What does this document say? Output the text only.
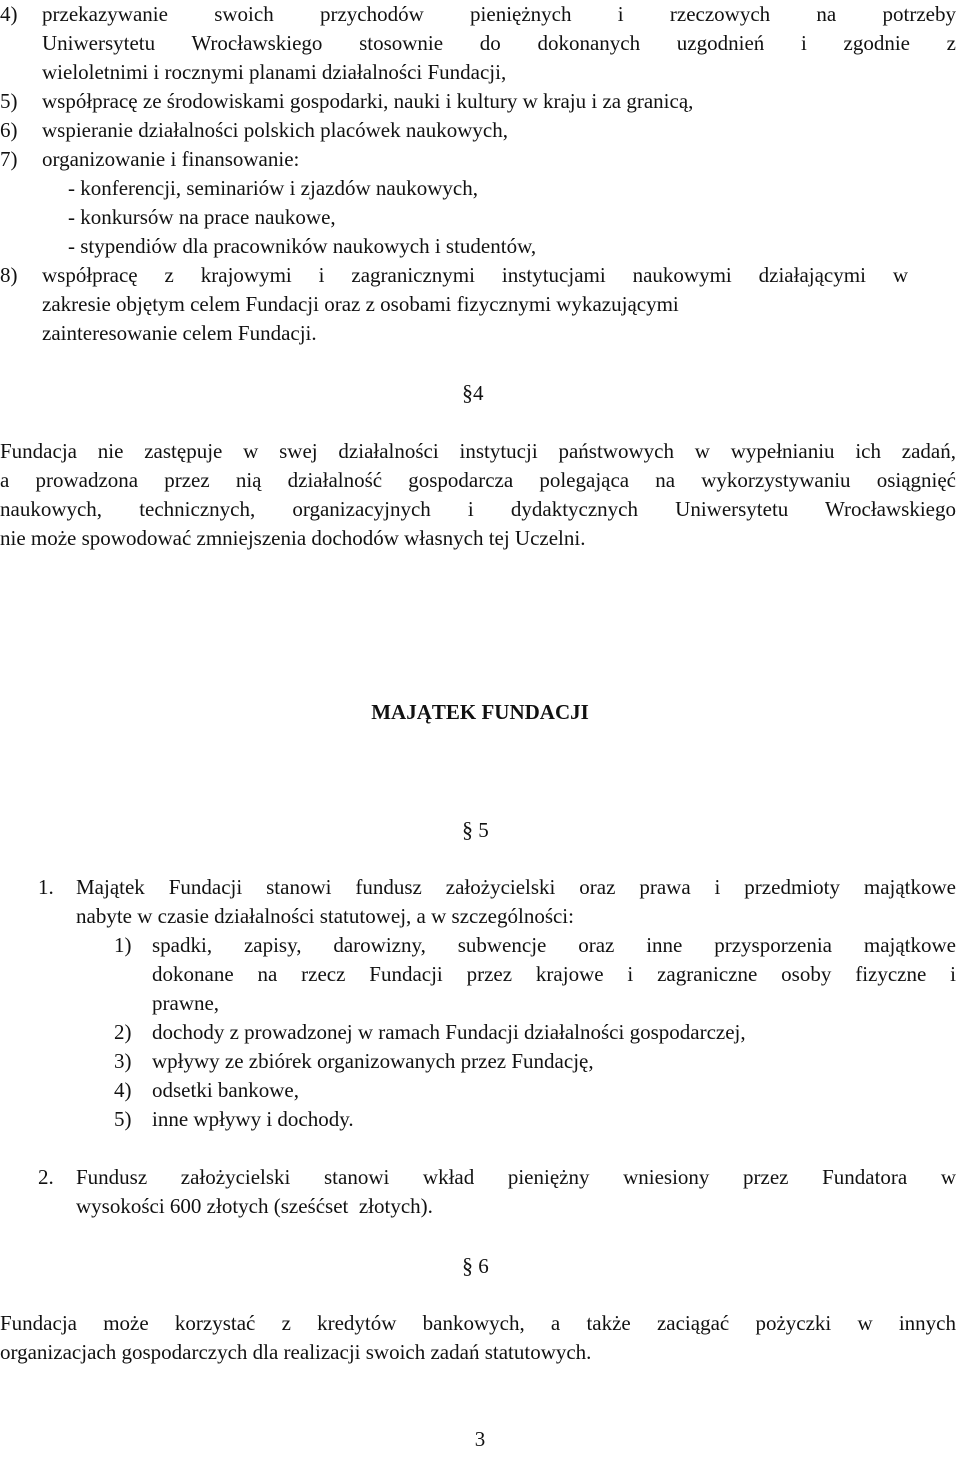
4) przekazywanie swoich przychodów pieniężnych i rzeczowych na potrzeby
Uniwersytetu Wrocławskiego stosownie do dokonanych uzgodnień i zgodnie z
wieloletnimi i rocznymi planami działalności Fundacji,
5) współpracę ze środowiskami gospodarki, nauki i kultury w kraju i za granicą,
6) wspieranie działalności polskich placówek naukowych,
7) organizowanie i finansowanie:
- konferencji, seminariów i zjazdów naukowych,
- konkursów na prace naukowe,
- stypendiów dla pracowników naukowych i studentów,
8) współpracę z krajowymi i zagranicznymi instytucjami naukowymi działającymi w
zakresie objętym celem Fundacji oraz z osobami fizycznymi wykazującymi
zainteresowanie celem Fundacji.
§4
Fundacja nie zastępuje w swej działalności instytucji państwowych w wypełnianiu ich zadań,
a prowadzona przez nią działalność gospodarcza polegająca na wykorzystywaniu osiągnięć
naukowych, technicznych, organizacyjnych i dydaktycznych Uniwersytetu Wrocławskiego
nie może spowodować zmniejszenia dochodów własnych tej Uczelni.
MAJĄTEK FUNDACJI
§ 5
1. Majątek Fundacji stanowi fundusz założycielski oraz prawa i przedmioty majątkowe
nabyte w czasie działalności statutowej, a w szczególności:
1) spadki, zapisy, darowizny, subwencje oraz inne przysporzenia majątkowe
dokonane na rzecz Fundacji przez krajowe i zagraniczne osoby fizyczne i
prawne,
2) dochody z prowadzonej w ramach Fundacji działalności gospodarczej,
3) wpływy ze zbiórek organizowanych przez Fundację,
4) odsetki bankowe,
5) inne wpływy i dochody.
2. Fundusz założycielski stanowi wkład pieniężny wniesiony przez Fundatora w
wysokości 600 złotych (sześćset  złotych).
§ 6
Fundacja może korzystać z kredytów bankowych, a także zaciągać pożyczki w innych
organizacjach gospodarczych dla realizacji swoich zadań statutowych.
3
